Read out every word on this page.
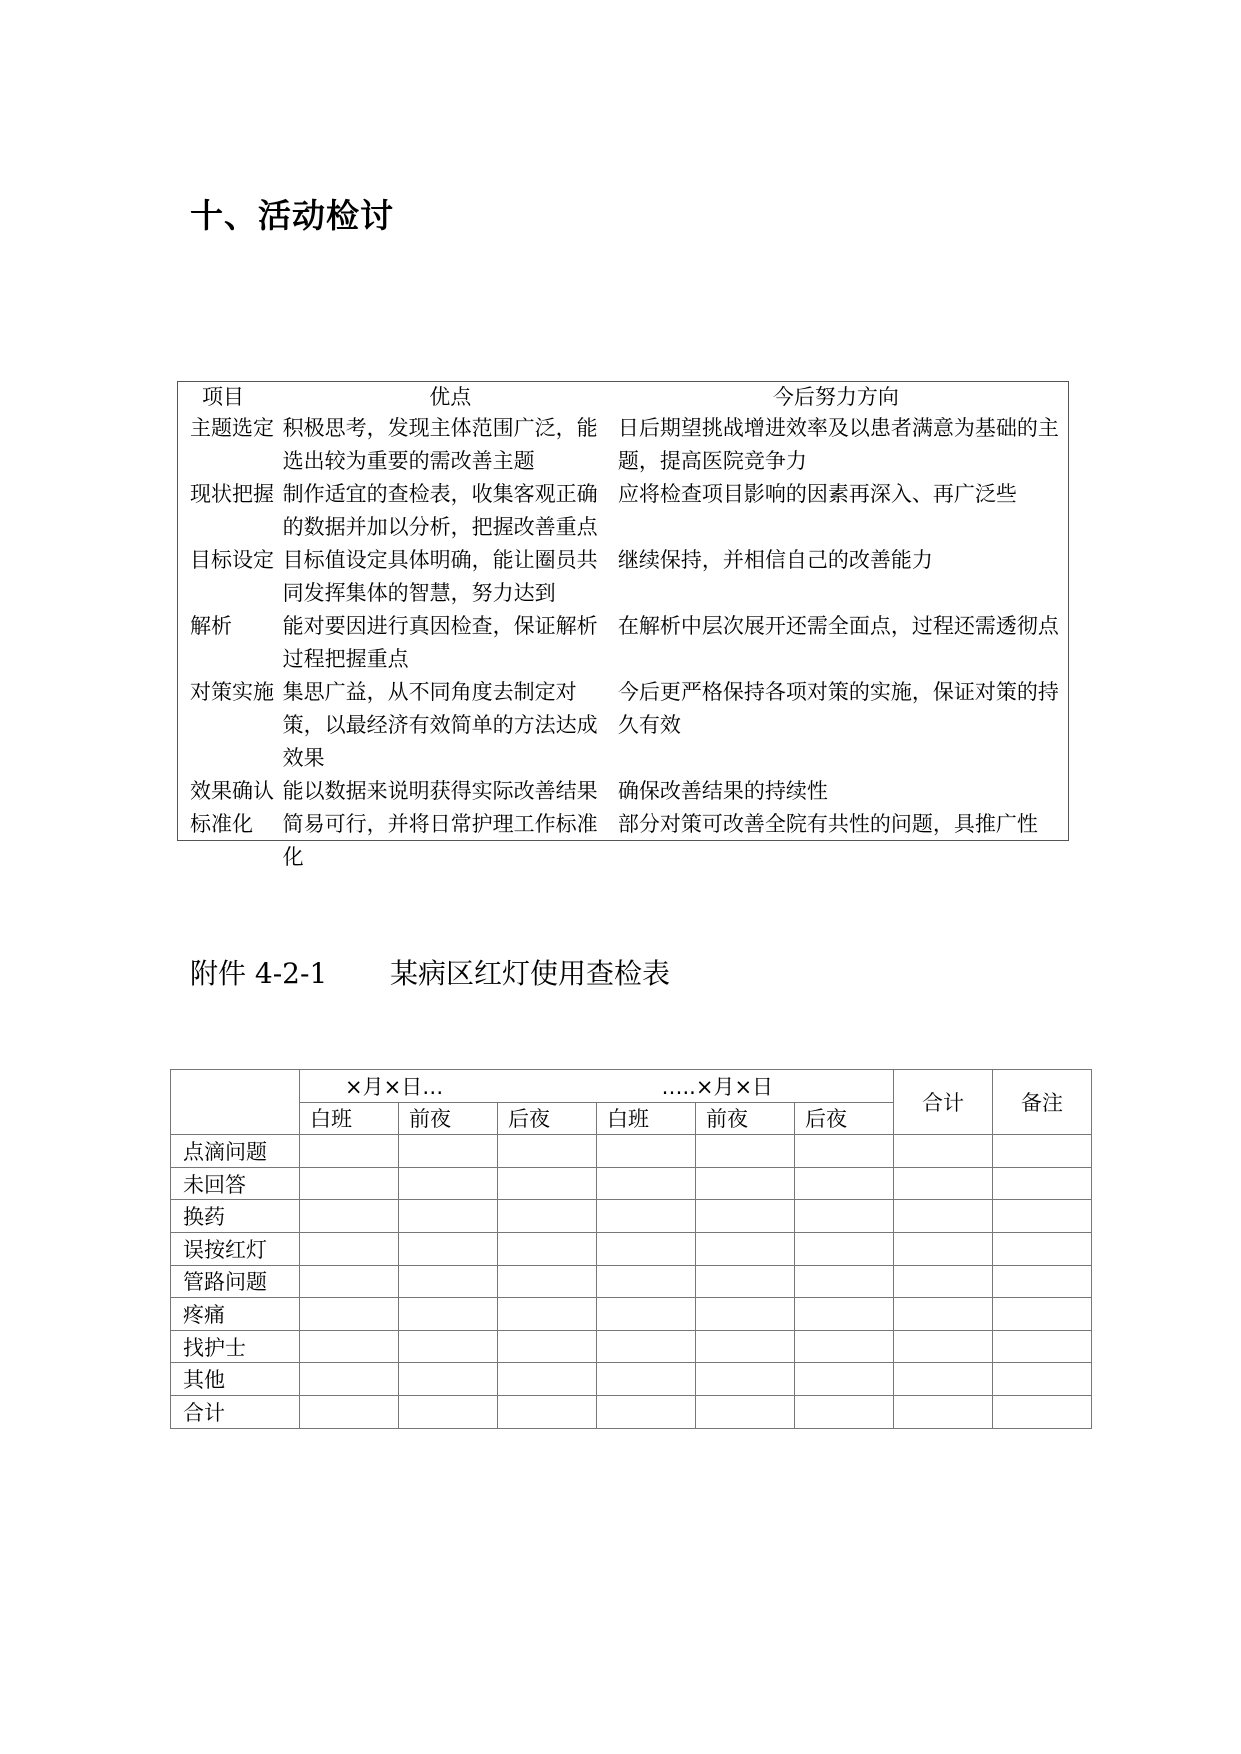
十、活动检讨
项目	优点	今后努力方向
主题选定	积极思考，发现主体范围广泛，能选出较为重要的需改善主题	日后期望挑战增进效率及以患者满意为基础的主题，提高医院竞争力
现状把握	制作适宜的查检表，收集客观正确的数据并加以分析，把握改善重点	应将检查项目影响的因素再深入、再广泛些
目标设定	目标值设定具体明确，能让圈员共同发挥集体的智慧，努力达到	继续保持，并相信自己的改善能力
解析	能对要因进行真因检查，保证解析过程把握重点	在解析中层次展开还需全面点，过程还需透彻点
对策实施	集思广益，从不同角度去制定对策，以最经济有效简单的方法达成效果	今后更严格保持各项对策的实施，保证对策的持久有效
效果确认	能以数据来说明获得实际改善结果	确保改善结果的持续性
标准化	简易可行，并将日常护理工作标准化	部分对策可改善全院有共性的问题，具推广性
附件 4-2-1 某病区红灯使用查检表
	×月×日…			…..×月×日			合计	备注
	白班	前夜	后夜	白班	前夜	后夜		
点滴问题								
未回答								
换药								
误按红灯								
管路问题								
疼痛								
找护士								
其他								
合计								
